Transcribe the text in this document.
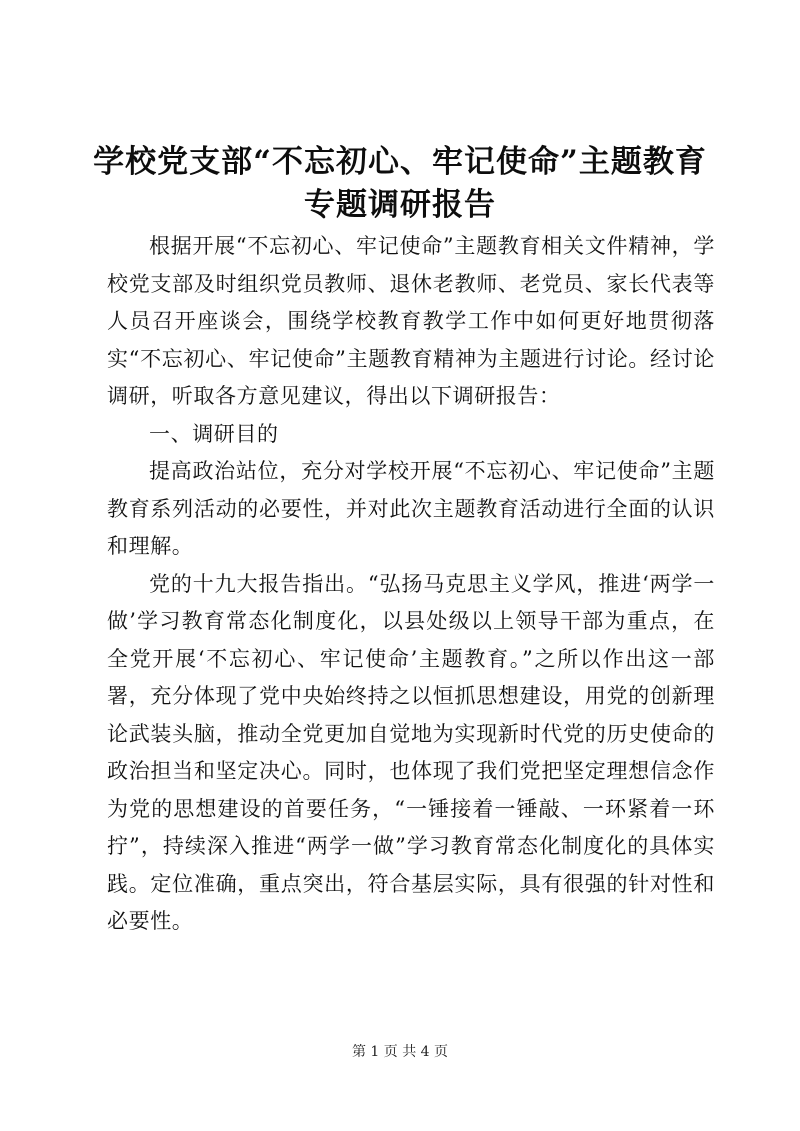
学校党支部“不忘初心、牢记使命”主题教育
专题调研报告

根据开展“不忘初心、牢记使命”主题教育相关文件精神，学校党支部及时组织党员教师、退休老教师、老党员、家长代表等人员召开座谈会，围绕学校教育教学工作中如何更好地贯彻落实“不忘初心、牢记使命”主题教育精神为主题进行讨论。经讨论调研，听取各方意见建议，得出以下调研报告：

一、调研目的

提高政治站位，充分对学校开展“不忘初心、牢记使命”主题教育系列活动的必要性，并对此次主题教育活动进行全面的认识和理解。

党的十九大报告指出。“弘扬马克思主义学风，推进‘两学一做’学习教育常态化制度化，以县处级以上领导干部为重点，在全党开展‘不忘初心、牢记使命’主题教育。”之所以作出这一部署，充分体现了党中央始终持之以恒抓思想建设，用党的创新理论武装头脑，推动全党更加自觉地为实现新时代党的历史使命的政治担当和坚定决心。同时，也体现了我们党把坚定理想信念作为党的思想建设的首要任务，“一锤接着一锤敲、一环紧着一环拧”，持续深入推进“两学一做”学习教育常态化制度化的具体实践。定位准确，重点突出，符合基层实际，具有很强的针对性和必要性。

第 1 页 共 4 页
